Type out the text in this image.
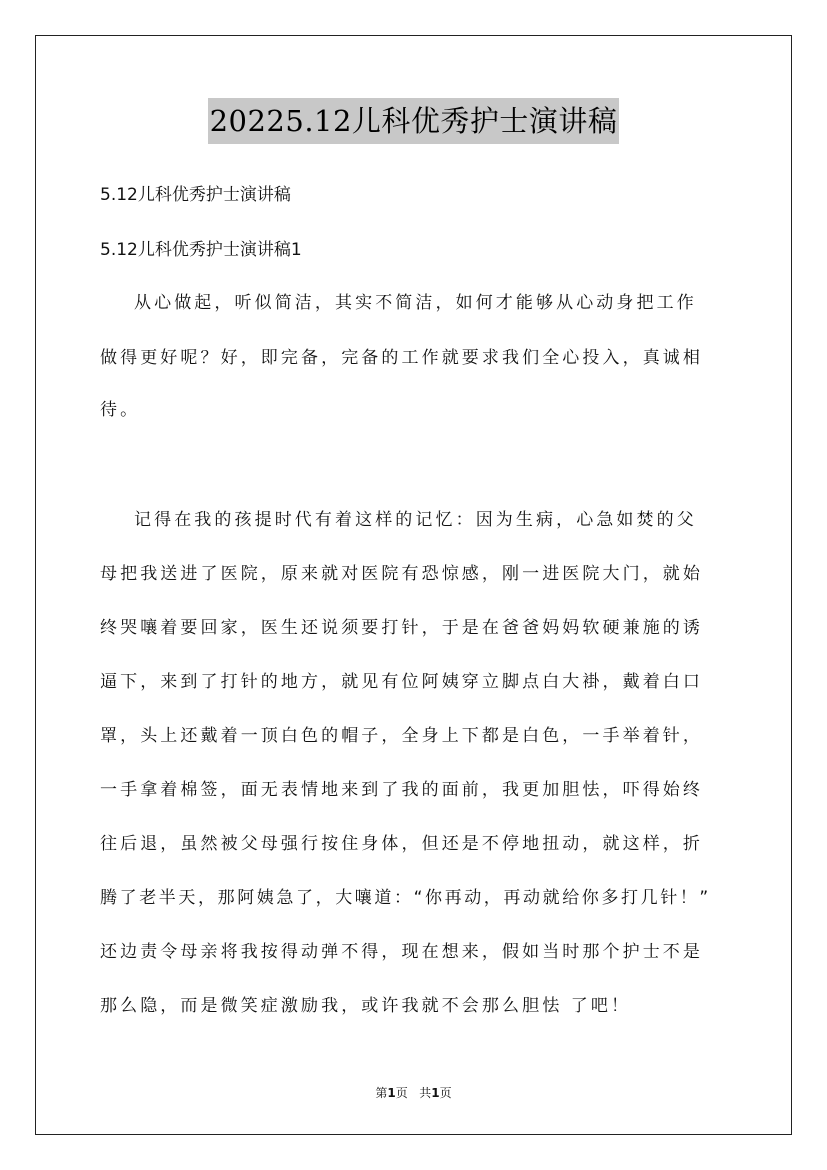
20225.12儿科优秀护士演讲稿

5.12儿科优秀护士演讲稿

5.12儿科优秀护士演讲稿1

从心做起，听似简洁，其实不简洁，如何才能够从心动身把工作

做得更好呢？好，即完备，完备的工作就要求我们全心投入，真诚相

待。

记得在我的孩提时代有着这样的记忆：因为生病，心急如焚的父

母把我送进了医院，原来就对医院有恐惊感，刚一进医院大门，就始

终哭嚷着要回家，医生还说须要打针，于是在爸爸妈妈软硬兼施的诱

逼下，来到了打针的地方，就见有位阿姨穿立脚点白大褂，戴着白口

罩，头上还戴着一顶白色的帽子，全身上下都是白色，一手举着针，

一手拿着棉签，面无表情地来到了我的面前，我更加胆怯，吓得始终

往后退，虽然被父母强行按住身体，但还是不停地扭动，就这样，折

腾了老半天，那阿姨急了，大嚷道：“你再动，再动就给你多打几针！”

还边责令母亲将我按得动弹不得，现在想来，假如当时那个护士不是

那么隐，而是微笑症激励我，或许我就不会那么胆怯 了吧！

第1页 共1页
